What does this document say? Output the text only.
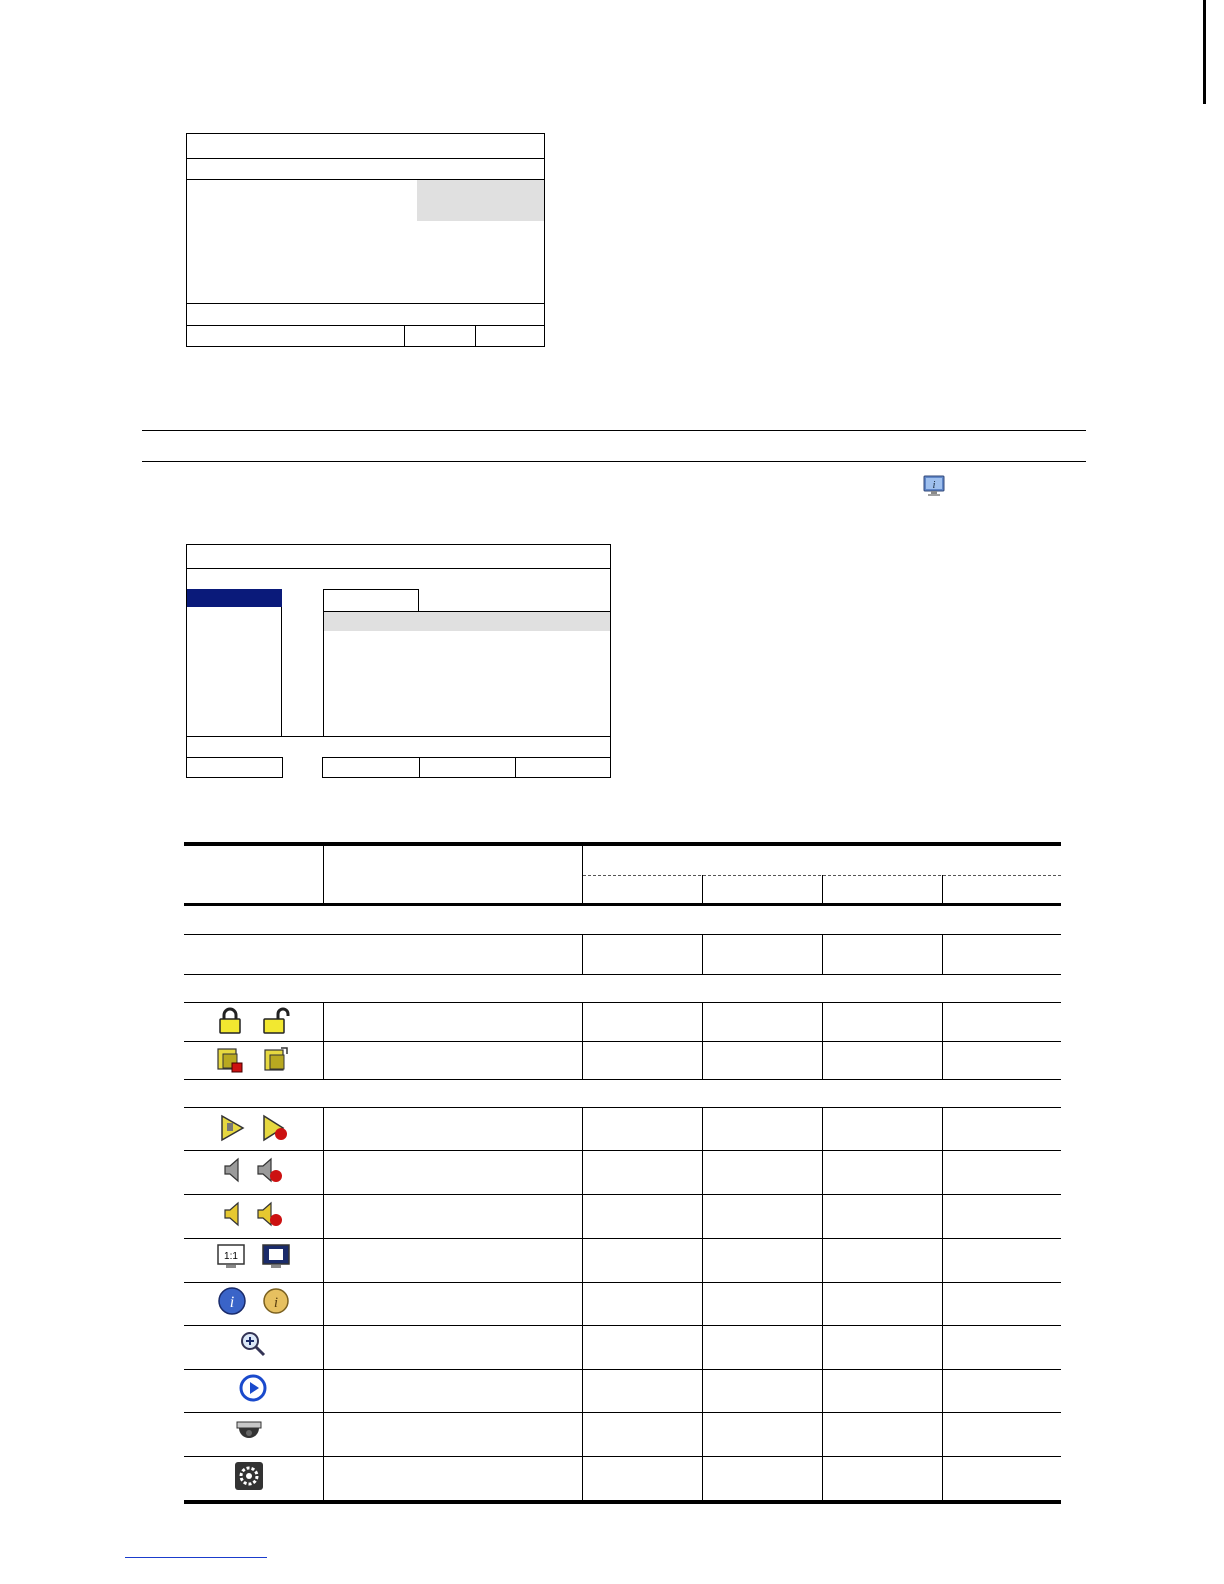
i
1:1
i	i
